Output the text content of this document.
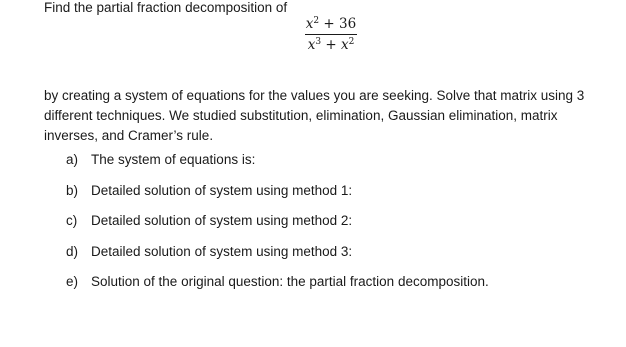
Find the partial fraction decomposition of
$x^2 + 36$
$x^3 + x^2$
by creating a system of equations for the values you are seeking. Solve that matrix using 3
different techniques. We studied substitution, elimination, Gaussian elimination, matrix
inverses, and Cramer’s rule.
a) The system of equations is:
b) Detailed solution of system using method 1:
c) Detailed solution of system using method 2:
d) Detailed solution of system using method 3:
e) Solution of the original question: the partial fraction decomposition.
